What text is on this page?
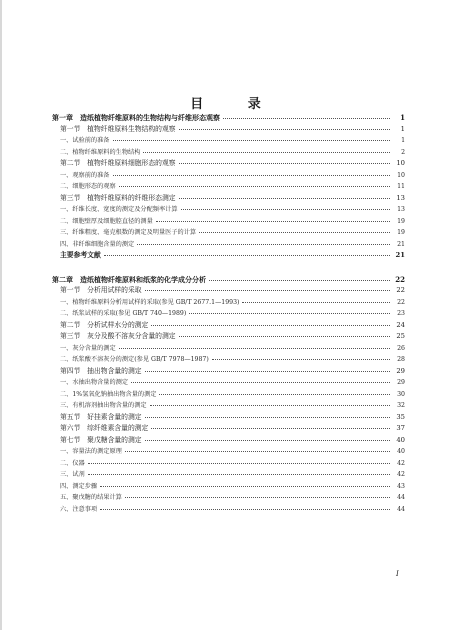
目 录
第一章　造纸植物纤维原料的生物结构与纤维形态观察	1
第一节　植物纤维原料生物结构的观察	1
一、试验前的准备	1
二、植物纤维原料的生物结构	2
第二节　植物纤维原料细胞形态的观察	10
一、观察前的准备	10
二、细胞形态的观察	11
第三节　植物纤维原料的纤维形态测定	13
一、纤维长度、宽度的测定及分配频率计算	13
二、细胞壁厚及细胞腔直径的测量	19
三、纤维粗度、毫克根数的测定及明量医子的计算	19
四、非纤维细胞含量的测定	21
主要参考文献	21
第二章　造纸植物纤维原料和纸浆的化学成分分析	22
第一节　分析用试样的采取	22
一、植物纤维原料分析用试样的采取(参见 GB/T 2677.1—1993)	22
二、纸浆试样的采取(参见 GB/T 740—1989)	23
第二节　分析试样水分的测定	24
第三节　灰分及酸不溶灰分含量的测定	25
一、灰分含量的测定	26
二、纸浆酸不溶灰分的测定(参见 GB/T 7978—1987)	28
第四节　抽出物含量的测定	29
一、水抽出物含量的测定	29
二、1%氢氧化钠抽出物含量的测定	30
三、有机溶剂抽出物含量的测定	32
第五节　好挂素含量的测定	35
第六节　综纤维素含量的测定	37
第七节　聚戊糖含量的测定	40
一、容量法的测定原理	40
二、仪器	42
三、试剂	42
四、测定步骤	43
五、聚戊糖的结果计算	44
六、注意事项	44
I
